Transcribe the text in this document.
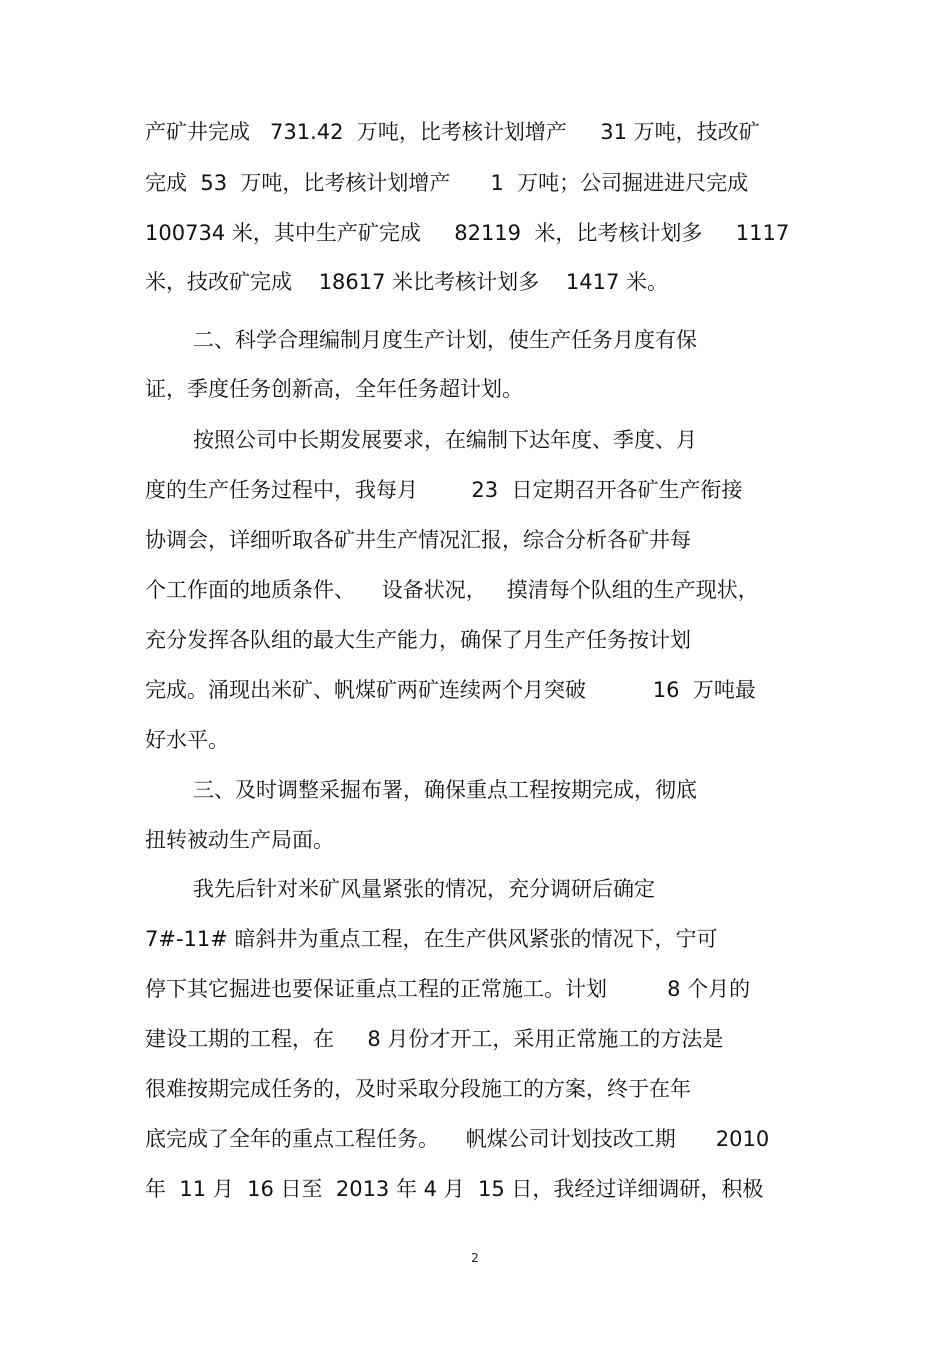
产矿井完成   731.42  万吨，比考核计划增产     31 万吨，技改矿
完成  53  万吨，比考核计划增产      1  万吨；公司掘进进尺完成
100734 米，其中生产矿完成     82119  米，比考核计划多     1117
米，技改矿完成    18617 米比考核计划多    1417 米。
二、科学合理编制月度生产计划，使生产任务月度有保
证，季度任务创新高，全年任务超计划。
按照公司中长期发展要求，在编制下达年度、季度、月
度的生产任务过程中，我每月        23  日定期召开各矿生产衔接
协调会，详细听取各矿井生产情况汇报，综合分析各矿井每
个工作面的地质条件、    设备状况，   摸清每个队组的生产现状，
充分发挥各队组的最大生产能力，确保了月生产任务按计划
完成。涌现出米矿、帆煤矿两矿连续两个月突破          16  万吨最
好水平。
三、及时调整采掘布署，确保重点工程按期完成，彻底
扭转被动生产局面。
我先后针对米矿风量紧张的情况，充分调研后确定
7#-11# 暗斜井为重点工程，在生产供风紧张的情况下，宁可
停下其它掘进也要保证重点工程的正常施工。计划         8 个月的
建设工期的工程，在     8 月份才开工，采用正常施工的方法是
很难按期完成任务的，及时采取分段施工的方案，终于在年
底完成了全年的重点工程任务。    帆煤公司计划技改工期      2010
年  11 月  16 日至  2013 年 4 月  15 日，我经过详细调研，积极
2
